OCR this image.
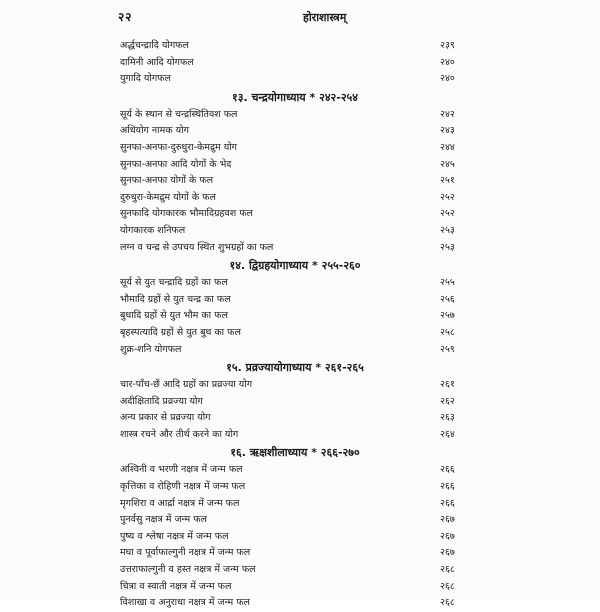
२२	होराशास्त्रम्
अर्द्धचन्द्रादि योगफल	२३९
दामिनी आदि योगफल	२४०
युगादि योगफल	२४०
१३. चन्द्रयोगाध्याय * २४२-२५४
सूर्य के स्थान से चन्द्रस्थितिवश फल	२४२
अधियोग नामक योग	२४३
सुनफा-अनफा-दुरुधुरा-केमद्रुम योग	२४४
सुनफा-अनफा आदि योगों के भेद	२४५
सुनफा-अनफा योगों के फल	२५१
दुरुधुरा-केमद्रुम योगों के फल	२५२
सुनफादि योगकारक भौमादिग्रहवश फल	२५२
योगकारक शनिफल	२५३
लग्न व चन्द्र से उपचय स्थित शुभग्रहों का फल	२५३
१४. द्विग्रहयोगाध्याय * २५५-२६०
सूर्य से युत चन्द्रादि ग्रहों का फल	२५५
भौमादि ग्रहों से युत चन्द्र का फल	२५६
बुधादि ग्रहों से युत भौम का फल	२५७
बृहस्पत्यादि ग्रहों से युत बुध का फल	२५८
शुक्र-शनि योगफल	२५९
१५. प्रव्रज्यायोगाध्याय * २६१-२६५
चार-पाँच-छँ आदि ग्रहों का प्रव्रज्या योग	२६१
अदीक्षितादि प्रव्रज्या योग	२६२
अन्य प्रकार से प्रव्रज्या योग	२६३
शास्त्र रचने और तीर्थ करने का योग	२६४
१६. ऋक्षशीलाध्याय * २६६-२७०
अश्विनी व भरणी नक्षत्र में जन्म फल	२६६
कृत्तिका व रोहिणी नक्षत्र में जन्म फल	२६६
मृगशिरा व आर्द्रा नक्षत्र में जन्म फल	२६६
पुनर्वसु नक्षत्र में जन्म फल	२६७
पुष्य व श्लेषा नक्षत्र में जन्म फल	२६७
मघा व पूर्वाफाल्गुनी नक्षत्र में जन्म फल	२६७
उत्तराफाल्गुनी व हस्त नक्षत्र में जन्म फल	२६८
चित्रा व स्वाती नक्षत्र में जन्म फल	२६८
विशाखा व अनुराधा नक्षत्र में जन्म फल	२६८
